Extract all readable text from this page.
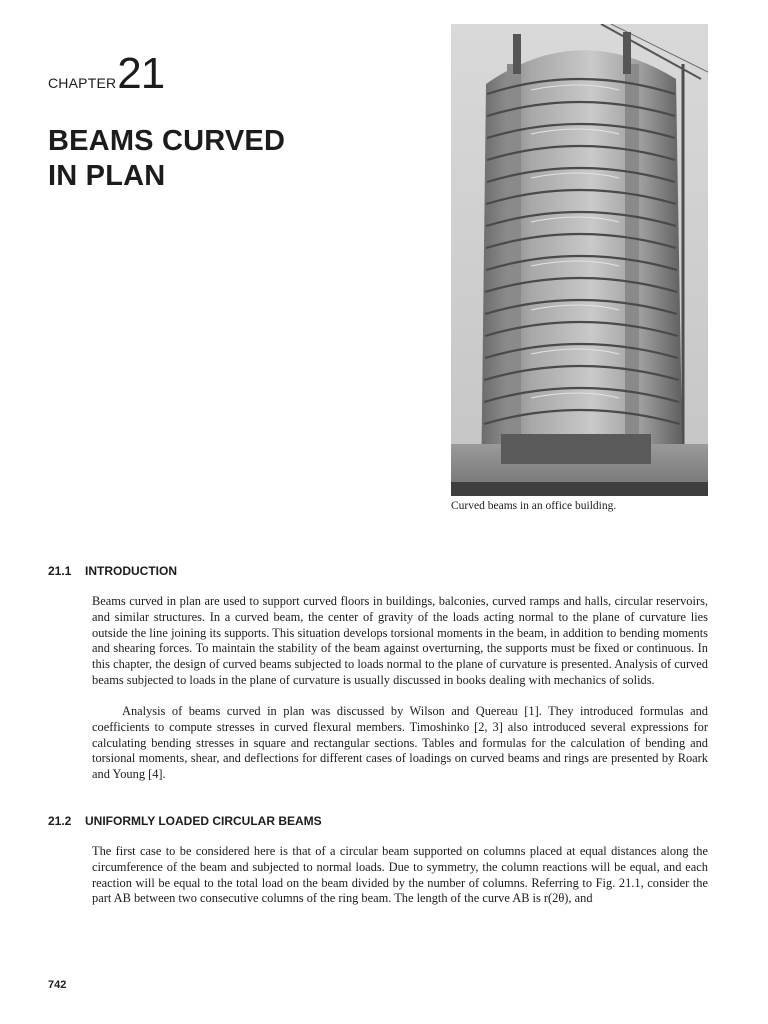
CHAPTER21
BEAMS CURVED
IN PLAN
Curved beams in an office building.
21.1 INTRODUCTION

Beams curved in plan are used to support curved floors in buildings, balconies, curved ramps and halls, circular reservoirs, and similar structures. In a curved beam, the center of gravity of the loads acting normal to the plane of curvature lies outside the line joining its supports. This situation develops torsional moments in the beam, in addition to bending moments and shearing forces. To maintain the stability of the beam against overturning, the supports must be fixed or continuous. In this chapter, the design of curved beams subjected to loads normal to the plane of curvature is presented. Analysis of curved beams subjected to loads in the plane of curvature is usually discussed in books dealing with mechanics of solids.

Analysis of beams curved in plan was discussed by Wilson and Quereau [1]. They introduced formulas and coefficients to compute stresses in curved flexural members. Timoshinko [2, 3] also introduced several expressions for calculating bending stresses in square and rectangular sections. Tables and formulas for the calculation of bending and torsional moments, shear, and deflections for different cases of loadings on curved beams and rings are presented by Roark and Young [4].

21.2 UNIFORMLY LOADED CIRCULAR BEAMS

The first case to be considered here is that of a circular beam supported on columns placed at equal distances along the circumference of the beam and subjected to normal loads. Due to symmetry, the column reactions will be equal, and each reaction will be equal to the total load on the beam divided by the number of columns. Referring to Fig. 21.1, consider the part AB between two consecutive columns of the ring beam. The length of the curve AB is r(2θ), and

742
